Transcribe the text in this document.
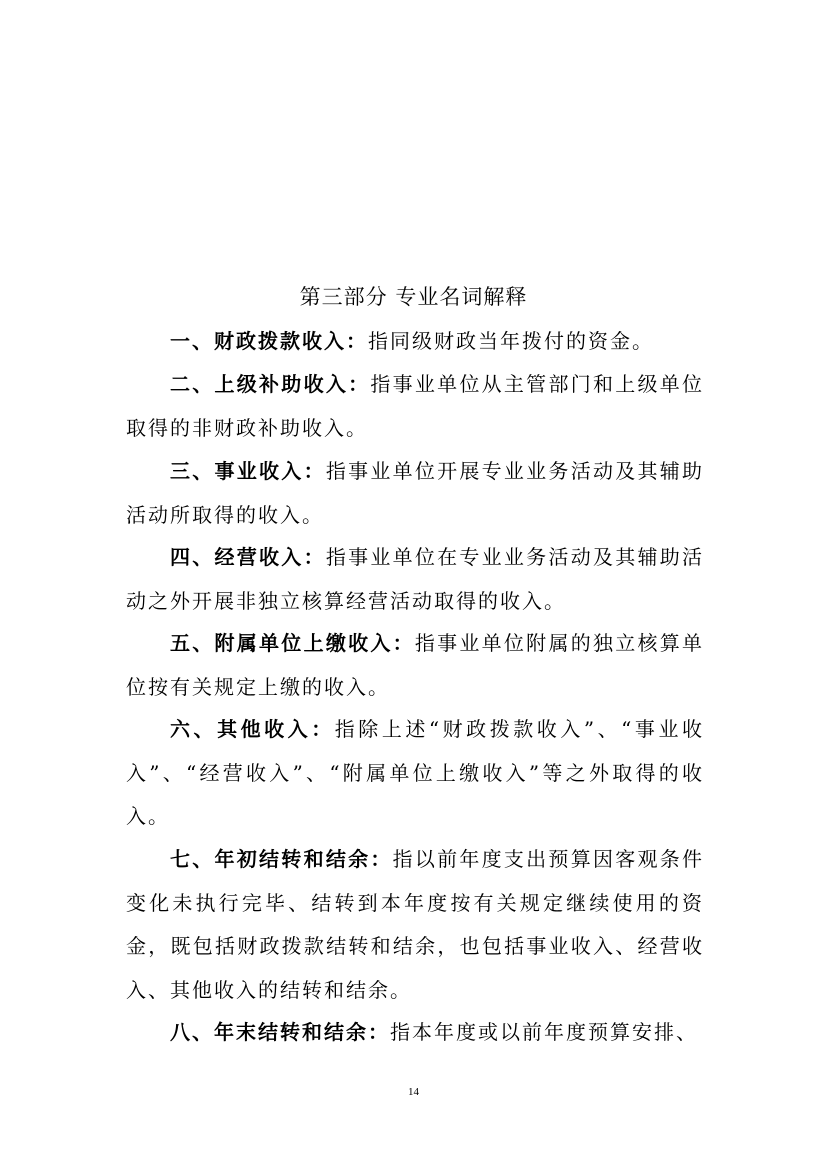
第三部分 专业名词解释

一、财政拨款收入：指同级财政当年拨付的资金。

二、上级补助收入：指事业单位从主管部门和上级单位取得的非财政补助收入。

三、事业收入：指事业单位开展专业业务活动及其辅助活动所取得的收入。

四、经营收入：指事业单位在专业业务活动及其辅助活动之外开展非独立核算经营活动取得的收入。

五、附属单位上缴收入：指事业单位附属的独立核算单位按有关规定上缴的收入。

六、其他收入：指除上述“财政拨款收入”、“事业收入”、“经营收入”、“附属单位上缴收入”等之外取得的收入。

七、年初结转和结余：指以前年度支出预算因客观条件变化未执行完毕、结转到本年度按有关规定继续使用的资金，既包括财政拨款结转和结余，也包括事业收入、经营收入、其他收入的结转和结余。

八、年末结转和结余：指本年度或以前年度预算安排、

14
